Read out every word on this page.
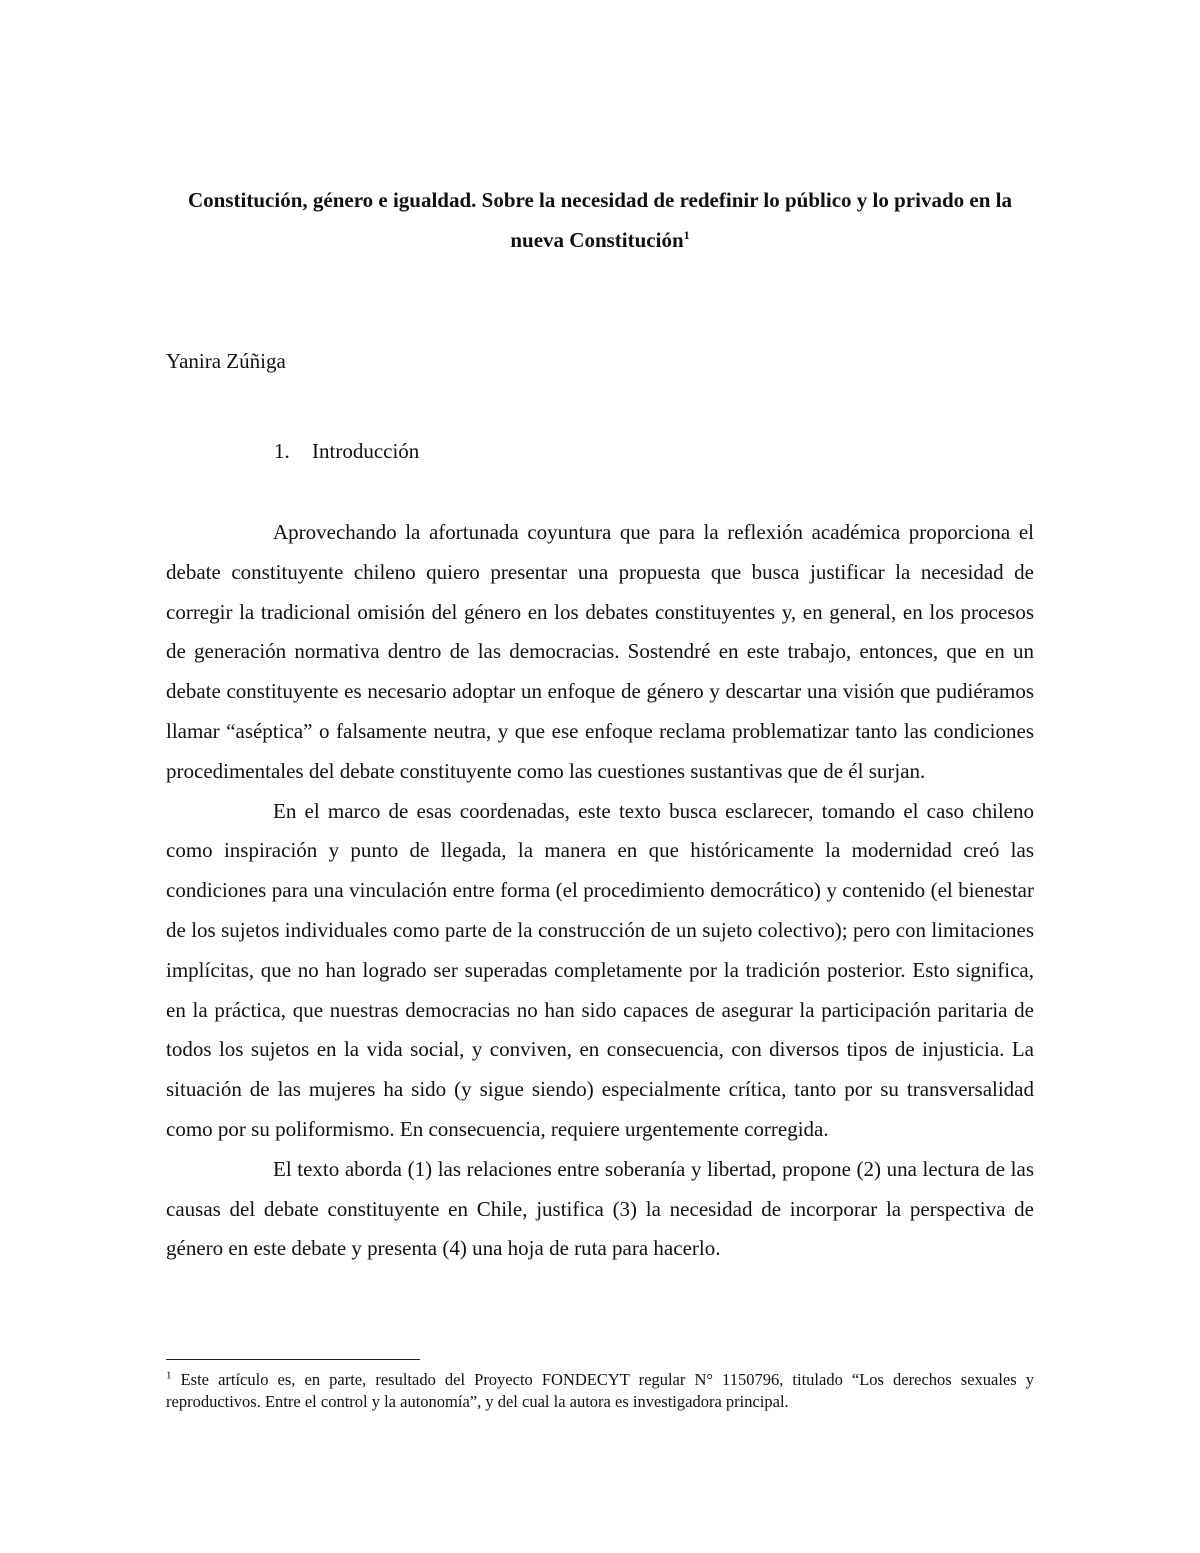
Constitución, género e igualdad. Sobre la necesidad de redefinir lo público y lo privado en la nueva Constitución$^1$
Yanira Zúñiga
1. Introducción

Aprovechando la afortunada coyuntura que para la reflexión académica proporciona el debate constituyente chileno quiero presentar una propuesta que busca justificar la necesidad de corregir la tradicional omisión del género en los debates constituyentes y, en general, en los procesos de generación normativa dentro de las democracias. Sostendré en este trabajo, entonces, que en un debate constituyente es necesario adoptar un enfoque de género y descartar una visión que pudiéramos llamar “aséptica” o falsamente neutra, y que ese enfoque reclama problematizar tanto las condiciones procedimentales del debate constituyente como las cuestiones sustantivas que de él surjan.

En el marco de esas coordenadas, este texto busca esclarecer, tomando el caso chileno como inspiración y punto de llegada, la manera en que históricamente la modernidad creó las condiciones para una vinculación entre forma (el procedimiento democrático) y contenido (el bienestar de los sujetos individuales como parte de la construcción de un sujeto colectivo); pero con limitaciones implícitas, que no han logrado ser superadas completamente por la tradición posterior. Esto significa, en la práctica, que nuestras democracias no han sido capaces de asegurar la participación paritaria de todos los sujetos en la vida social, y conviven, en consecuencia, con diversos tipos de injusticia. La situación de las mujeres ha sido (y sigue siendo) especialmente crítica, tanto por su transversalidad como por su poliformismo. En consecuencia, requiere urgentemente corregida.

El texto aborda (1) las relaciones entre soberanía y libertad, propone (2) una lectura de las causas del debate constituyente en Chile, justifica (3) la necesidad de incorporar la perspectiva de género en este debate y presenta (4) una hoja de ruta para hacerlo.

$^1$ Este artículo es, en parte, resultado del Proyecto FONDECYT regular N° 1150796, titulado “Los derechos sexuales y reproductivos. Entre el control y la autonomía”, y del cual la autora es investigadora principal.
